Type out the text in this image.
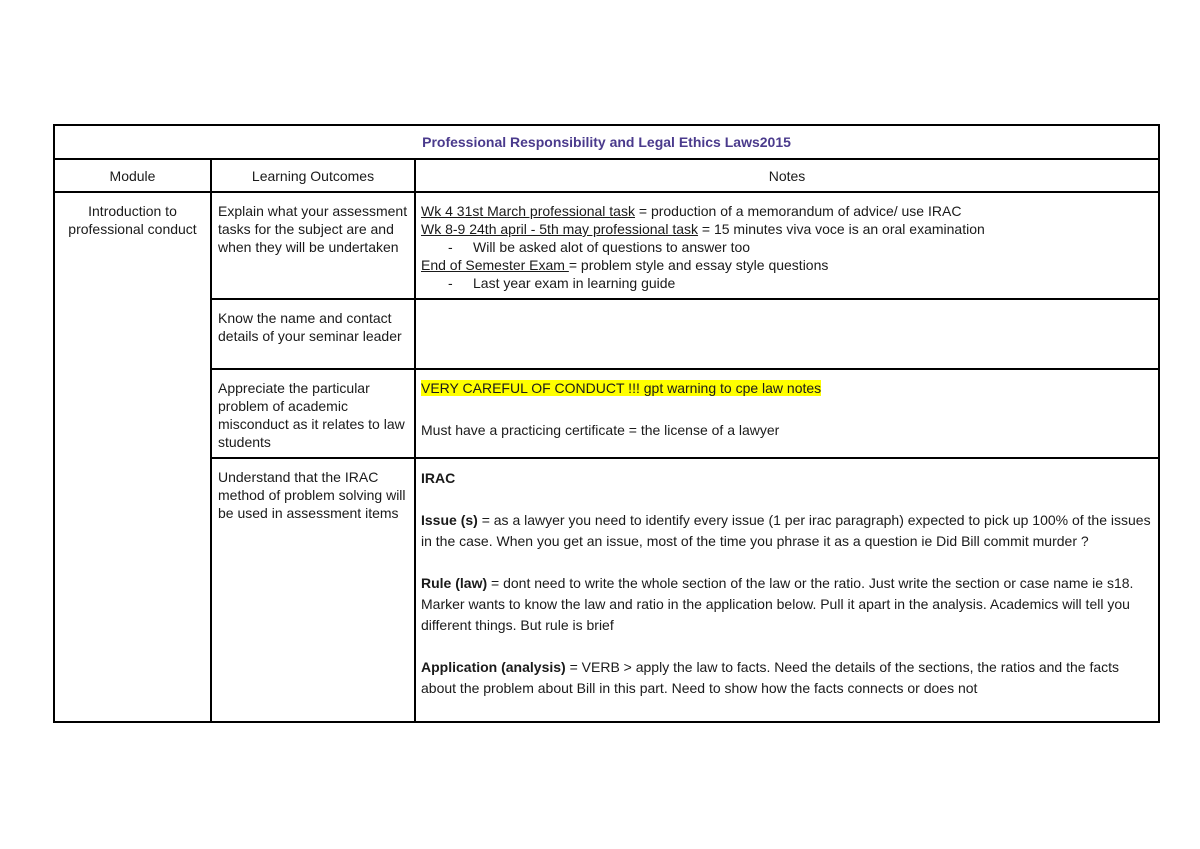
Professional Responsibility and Legal Ethics Laws2015		
Module	Learning Outcomes	Notes
Introduction to professional conduct	Explain what your assessment tasks for the subject are and when they will be undertaken	Wk 4 31st March professional task = production of a memorandum of advice/ use IRAC
Wk 8-9 24th april - 5th may professional task = 15 minutes viva voce is an oral examination
- Will be asked alot of questions to answer too
End of Semester Exam = problem style and essay style questions
- Last year exam in learning guide

	Know the name and contact details of your seminar leader	
	Appreciate the particular problem of academic misconduct as it relates to law students	VERY CAREFUL OF CONDUCT !!! gpt warning to cpe law notes
Must have a practicing certificate = the license of a lawyer

	Understand that the IRAC method of problem solving will be used in assessment items	IRAC
Issue (s) = as a lawyer you need to identify every issue (1 per irac paragraph) expected to pick up 100% of the issues in the case. When you get an issue, most of the time you phrase it as a question ie Did Bill commit murder ?
Rule (law) = dont need to write the whole section of the law or the ratio. Just write the section or case name ie s18. Marker wants to know the law and ratio in the application below. Pull it apart in the analysis. Academics will tell you different things. But rule is brief
Application (analysis) = VERB > apply the law to facts. Need the details of the sections, the ratios and the facts about the problem about Bill in this part. Need to show how the facts connects or does not
